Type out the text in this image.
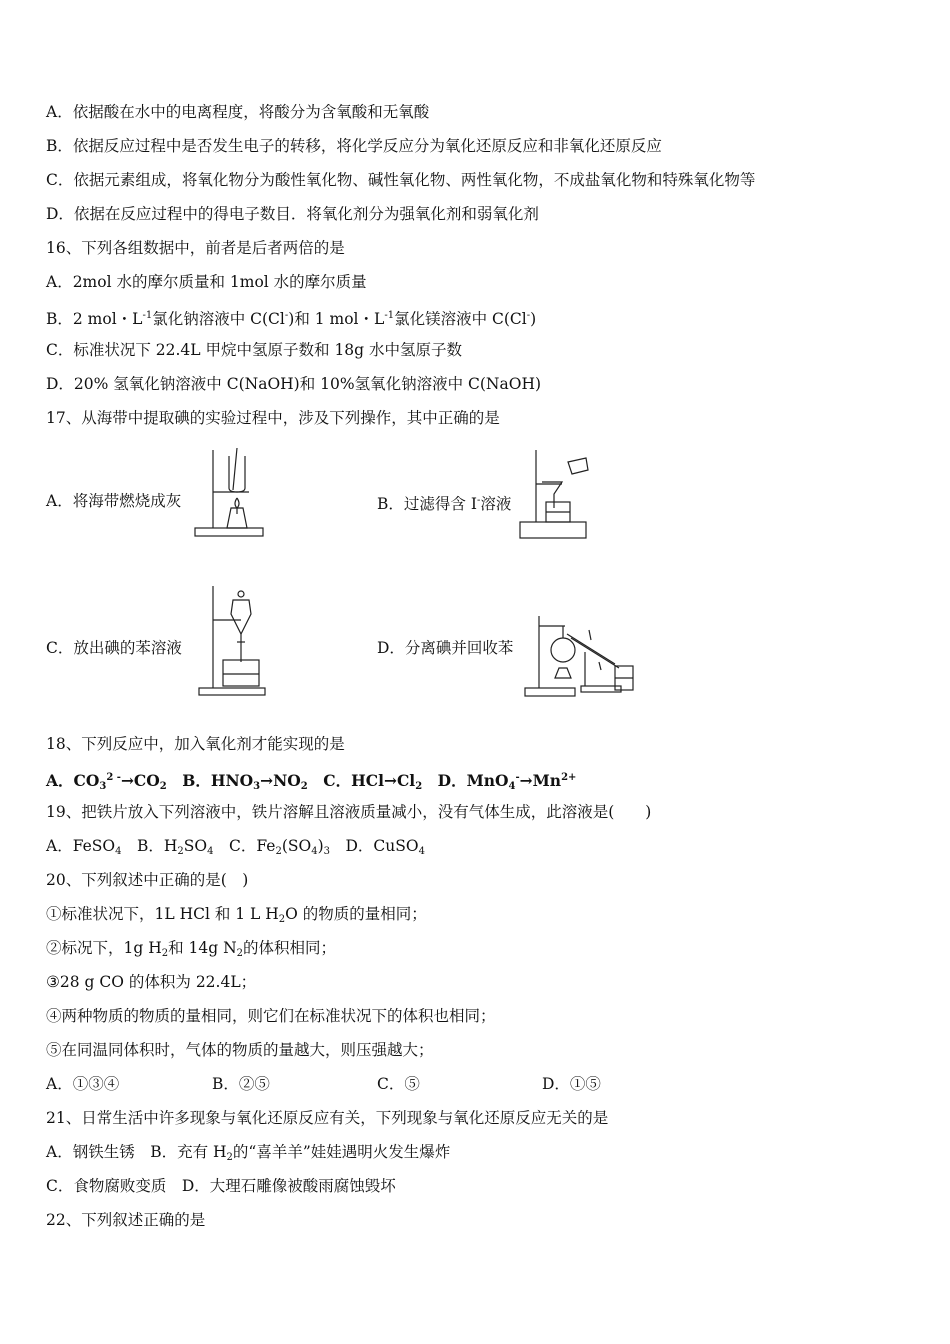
A．依据酸在水中的电离程度，将酸分为含氧酸和无氧酸
B．依据反应过程中是否发生电子的转移，将化学反应分为氧化还原反应和非氧化还原反应
C．依据元素组成，将氧化物分为酸性氧化物、碱性氧化物、两性氧化物，不成盐氧化物和特殊氧化物等
D．依据在反应过程中的得电子数目．将氧化剂分为强氧化剂和弱氧化剂
16、下列各组数据中，前者是后者两倍的是
A．2mol 水的摩尔质量和 1mol 水的摩尔质量
B．2 mol・$L^{-1}$氯化钠溶液中 C(Cl-)和 1 mol・$L^{-1}$氯化镁溶液中 C(Cl-)
C．标准状况下 22.4L 甲烷中氢原子数和 18g 水中氢原子数
D．20% 氢氧化钠溶液中 C(NaOH)和 10%氢氧化钠溶液中 C(NaOH)
17、从海带中提取碘的实验过程中，涉及下列操作，其中正确的是
A．将海带燃烧成灰	B．过滤得含 I-溶液
C．放出碘的苯溶液	D．分离碘并回收苯
18、下列反应中，加入氧化剂才能实现的是
A．$CO_3^{2 -}\to CO_2$  B．$HNO_3\to NO_2$  C．$HCl\to Cl_2$  D．$MnO_4^-\to Mn^{2+}$
19、把铁片放入下列溶液中，铁片溶解且溶液质量减小，没有气体生成，此溶液是(　　)
A．FeSO$_4$   B．$H_2SO_4$   C．$Fe_2(SO_4)_3$   D．CuSO$_4$
20、下列叙述中正确的是(　)
①标准状况下，1L HCl 和 1 L $H_2O$ 的物质的量相同；
②标况下，1g $H_2$和 14g $N_2$的体积相同；
③28 g CO 的体积为 22.4L；
④两种物质的物质的量相同，则它们在标准状况下的体积也相同；
⑤在同温同体积时，气体的物质的量越大，则压强越大；
A．①③④	B．②⑤	C．⑤	D．①⑤
21、日常生活中许多现象与氧化还原反应有关，下列现象与氧化还原反应无关的是
A．钢铁生锈   B．充有 $H_2$的“喜羊羊”娃娃遇明火发生爆炸
C．食物腐败变质   D．大理石雕像被酸雨腐蚀毁坏
22、下列叙述正确的是
